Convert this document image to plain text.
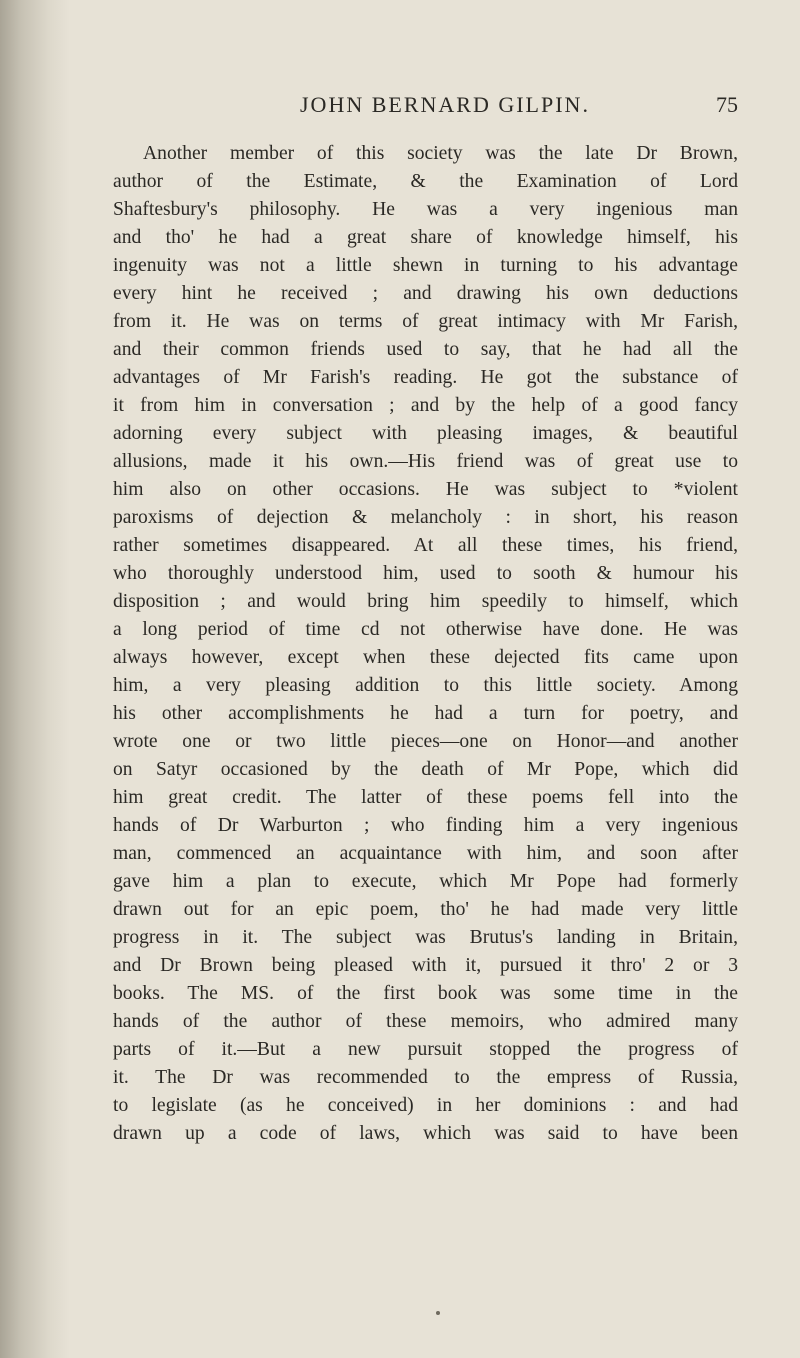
JOHN BERNARD GILPIN.	75
Another member of this society was the late Dr Brown,
author of the Estimate, & the Examination of Lord
Shaftesbury's philosophy. He was a very ingenious man
and tho' he had a great share of knowledge himself, his
ingenuity was not a little shewn in turning to his advantage
every hint he received ; and drawing his own deductions
from it. He was on terms of great intimacy with Mr Farish,
and their common friends used to say, that he had all the
advantages of Mr Farish's reading. He got the substance of
it from him in conversation ; and by the help of a good fancy
adorning every subject with pleasing images, & beautiful
allusions, made it his own.—His friend was of great use to
him also on other occasions. He was subject to *violent
paroxisms of dejection & melancholy : in short, his reason
rather sometimes disappeared. At all these times, his friend,
who thoroughly understood him, used to sooth & humour his
disposition ; and would bring him speedily to himself, which
a long period of time cd not otherwise have done. He was
always however, except when these dejected fits came upon
him, a very pleasing addition to this little society. Among
his other accomplishments he had a turn for poetry, and
wrote one or two little pieces—one on Honor—and another
on Satyr occasioned by the death of Mr Pope, which did
him great credit. The latter of these poems fell into the
hands of Dr Warburton ; who finding him a very ingenious
man, commenced an acquaintance with him, and soon after
gave him a plan to execute, which Mr Pope had formerly
drawn out for an epic poem, tho' he had made very little
progress in it. The subject was Brutus's landing in Britain,
and Dr Brown being pleased with it, pursued it thro' 2 or 3
books. The MS. of the first book was some time in the
hands of the author of these memoirs, who admired many
parts of it.—But a new pursuit stopped the progress of
it. The Dr was recommended to the empress of Russia,
to legislate (as he conceived) in her dominions : and had
drawn up a code of laws, which was said to have been
